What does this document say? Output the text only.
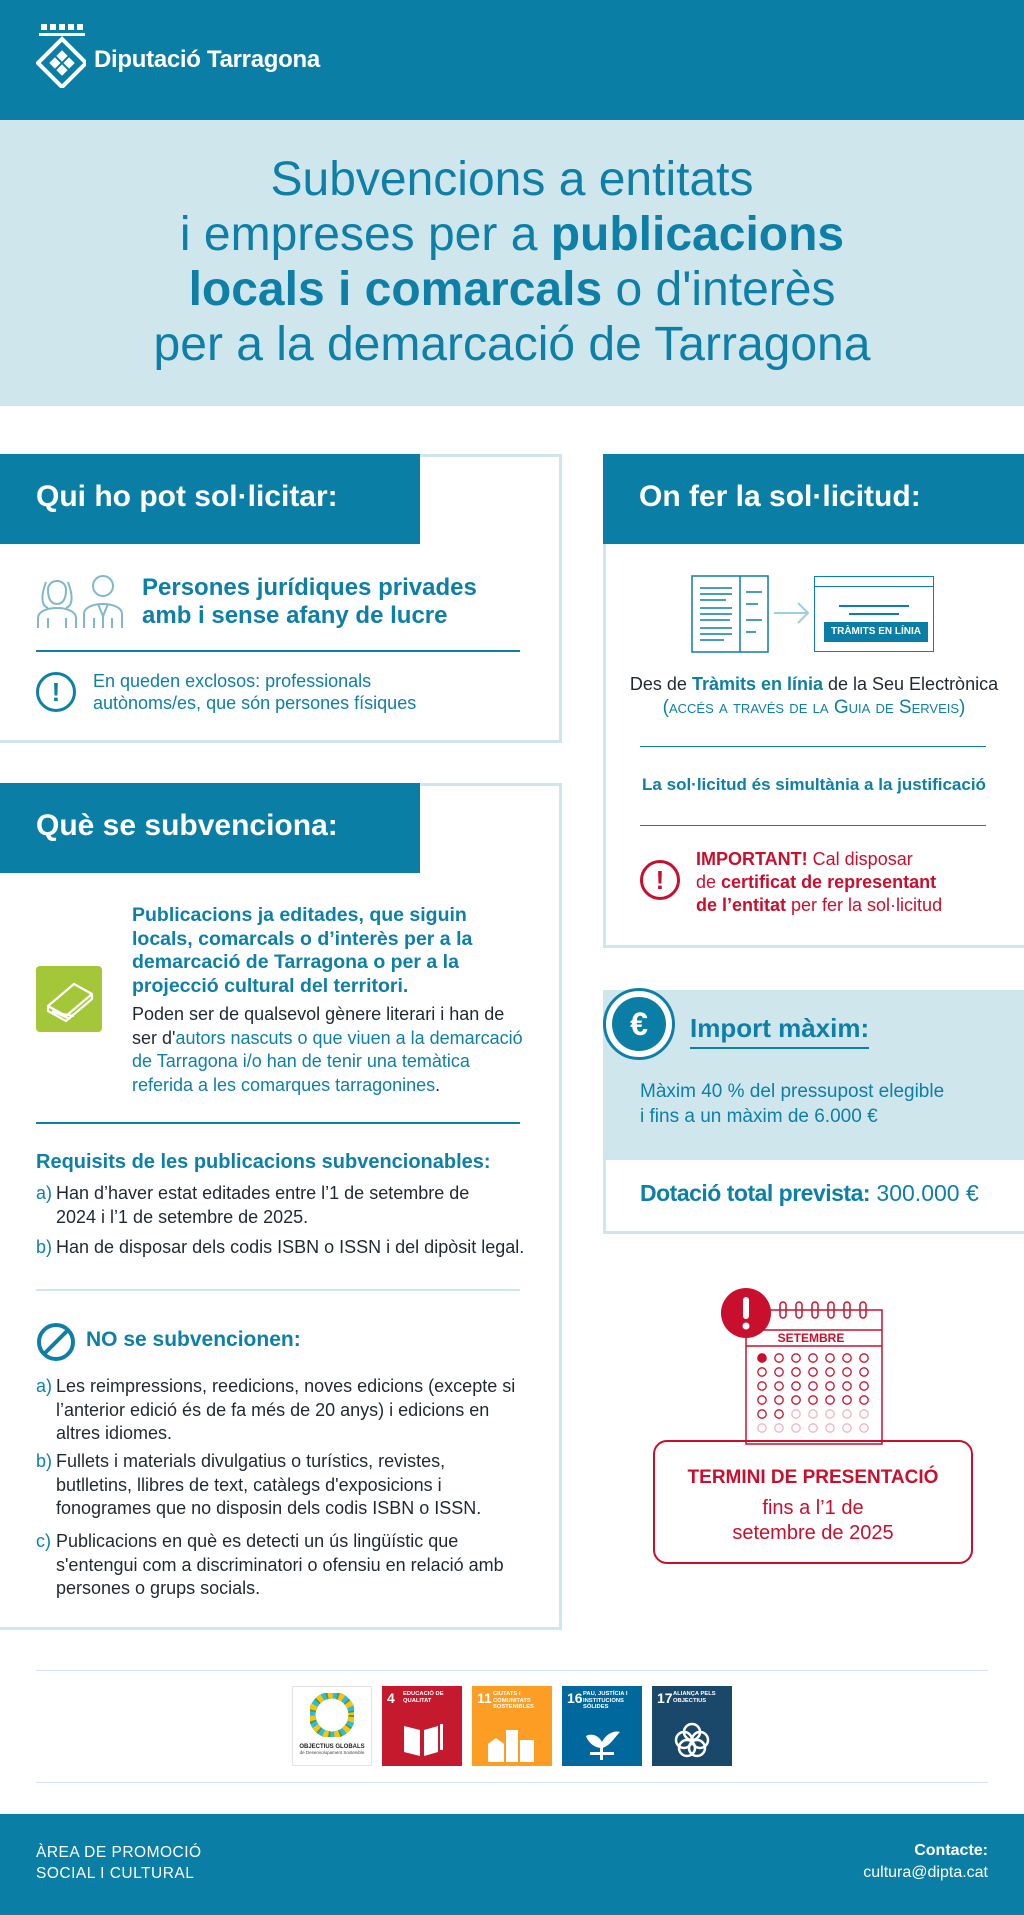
Diputació Tarragona
Subvencions a entitats
i empreses per a publicacions
locals i comarcals o d'interès
per a la demarcació de Tarragona
Qui ho pot sol·licitar:
Persones jurídiques privades
amb i sense afany de lucre
!	En queden exclosos: professionals
autònoms/es, que són persones físiques
Què se subvenciona:
Publicacions ja editades, que siguin locals, comarcals o d’interès per a la demarcació de Tarragona o per a la projecció cultural del territori.
Poden ser de qualsevol gènere literari i han de ser d'autors nascuts o que viuen a la demarcació de Tarragona i/o han de tenir una temàtica referida a les comarques tarragonines.
Requisits de les publicacions subvencionables:
a) Han d’haver estat editades entre l’1 de setembre de 2024 i l’1 de setembre de 2025.
b) Han de disposar dels codis ISBN o ISSN i del dipòsit legal.
NO se subvencionen:
a) Les reimpressions, reedicions, noves edicions (excepte si l’anterior edició és de fa més de 20 anys) i edicions en altres idiomes.
b) Fullets i materials divulgatius o turístics, revistes, butlletins, llibres de text, catàlegs d'exposicions i fonogrames que no disposin dels codis ISBN o ISSN.
c) Publicacions en què es detecti un ús lingüístic que s'entengui com a discriminatori o ofensiu en relació amb persones o grups socials.
On fer la sol·licitud:
TRÀMITS EN LÍNIA
Des de Tràmits en línia de la Seu Electrònica
(accés a través de la Guia de Serveis)
La sol·licitud és simultània a la justificació
!
IMPORTANT! Cal disposar
de certificat de representant
de l’entitat per fer la sol·licitud
€	Import màxim:
Màxim 40 % del pressupost elegible
i fins a un màxim de 6.000 €
Dotació total prevista: 300.000 €
SETEMBRE
TERMINI DE PRESENTACIÓ
fins a l’1 de
setembre de 2025
OBJECTIUS GLOBALS
de Desenvolupament Sostenible
4 EDUCACIÓ DE QUALITAT	11 CIUTATS I COMUNITATS SOSTENIBLES
16 PAU, JUSTÍCIA I INSTITUCIONS SÒLIDES
17 ALIANÇA PELS OBJECTIUS
ÀREA DE PROMOCIÓ
SOCIAL I CULTURAL
Contacte:
cultura@dipta.cat
